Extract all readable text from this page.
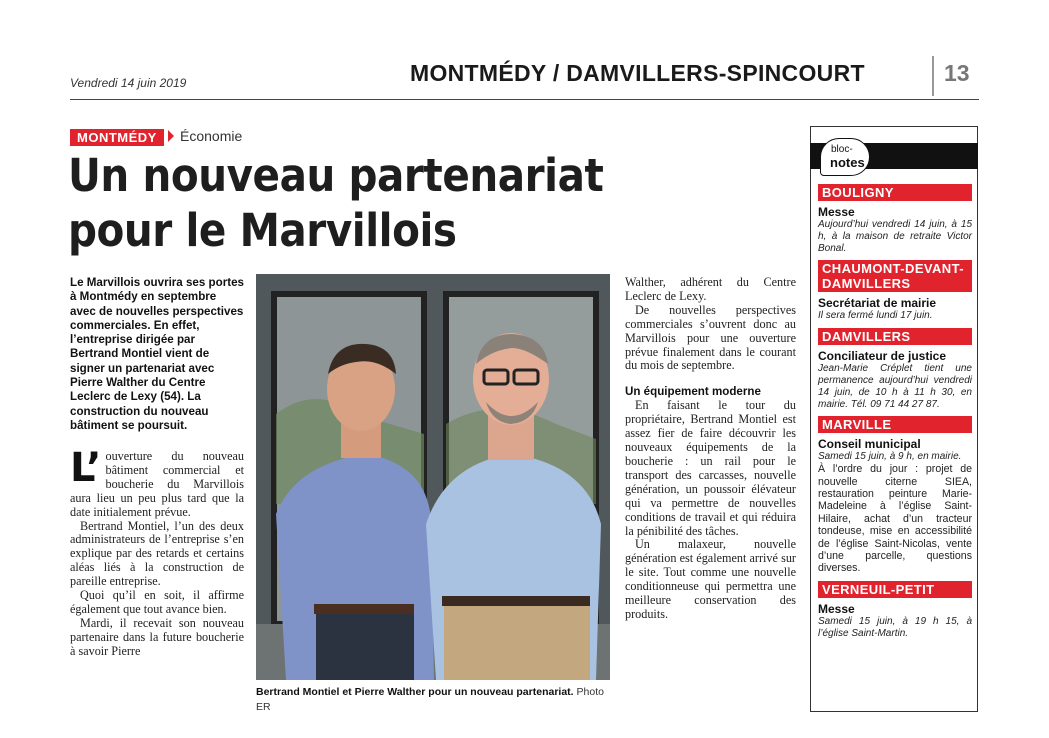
Vendredi 14 juin 2019	MONTMÉDY / DAMVILLERS-SPINCOURT	13
MONTMÉDY	Économie
Un nouveau partenariat
pour le Marvillois
Le Marvillois ouvrira ses portes à Montmédy en septembre avec de nouvelles perspectives commerciales. En effet, l’entreprise dirigée par Bertrand Montiel vient de signer un partenariat avec Pierre Walther du Centre Leclerc de Lexy (54). La construction du nouveau bâtiment se poursuit.

L’ ouverture du nouveau bâtiment commercial et boucherie du Marvillois aura lieu un peu plus tard que la date initialement prévue.

Bertrand Montiel, l’un des deux administrateurs de l’entreprise s’en explique par des retards et certains aléas liés à la construction de pareille entreprise.

Quoi qu’il en soit, il affirme également que tout avance bien.

Mardi, il recevait son nouveau partenaire dans la future boucherie à savoir Pierre

Bertrand Montiel et Pierre Walther pour un nouveau partenariat. Photo ER

Walther, adhérent du Centre Leclerc de Lexy.

De nouvelles perspectives commerciales s’ouvrent donc au Marvillois pour une ouverture prévue finalement dans le courant du mois de septembre.

Un équipement moderne

En faisant le tour du propriétaire, Bertrand Montiel est assez fier de faire découvrir les nouveaux équipements de la boucherie : un rail pour le transport des carcasses, nouvelle génération, un poussoir élévateur qui va permettre de nouvelles conditions de travail et qui réduira la pénibilité des tâches.

Un malaxeur, nouvelle génération est également arrivé sur le site. Tout comme une nouvelle conditionneuse qui permettra une meilleure conservation des produits.

bloc-
notes
BOULIGNY
Messe
Aujourd’hui vendredi 14 juin, à 15 h, à la maison de retraite Victor Bonal.
CHAUMONT-DEVANT-DAMVILLERS
Secrétariat de mairie
Il sera fermé lundi 17 juin.
DAMVILLERS
Conciliateur de justice
Jean-Marie Créplet tient une permanence aujourd’hui vendredi 14 juin, de 10 h à 11 h 30, en mairie. Tél. 09 71 44 27 87.
MARVILLE
Conseil municipal
Samedi 15 juin, à 9 h, en mairie.
À l’ordre du jour : projet de nouvelle citerne SIEA, restauration peinture Marie-Madeleine à l’église Saint-Hilaire, achat d’un tracteur tondeuse, mise en accessibilité de l’église Saint-Nicolas, vente d’une parcelle, questions diverses.
VERNEUIL-PETIT
Messe
Samedi 15 juin, à 19 h 15, à l’église Saint-Martin.
